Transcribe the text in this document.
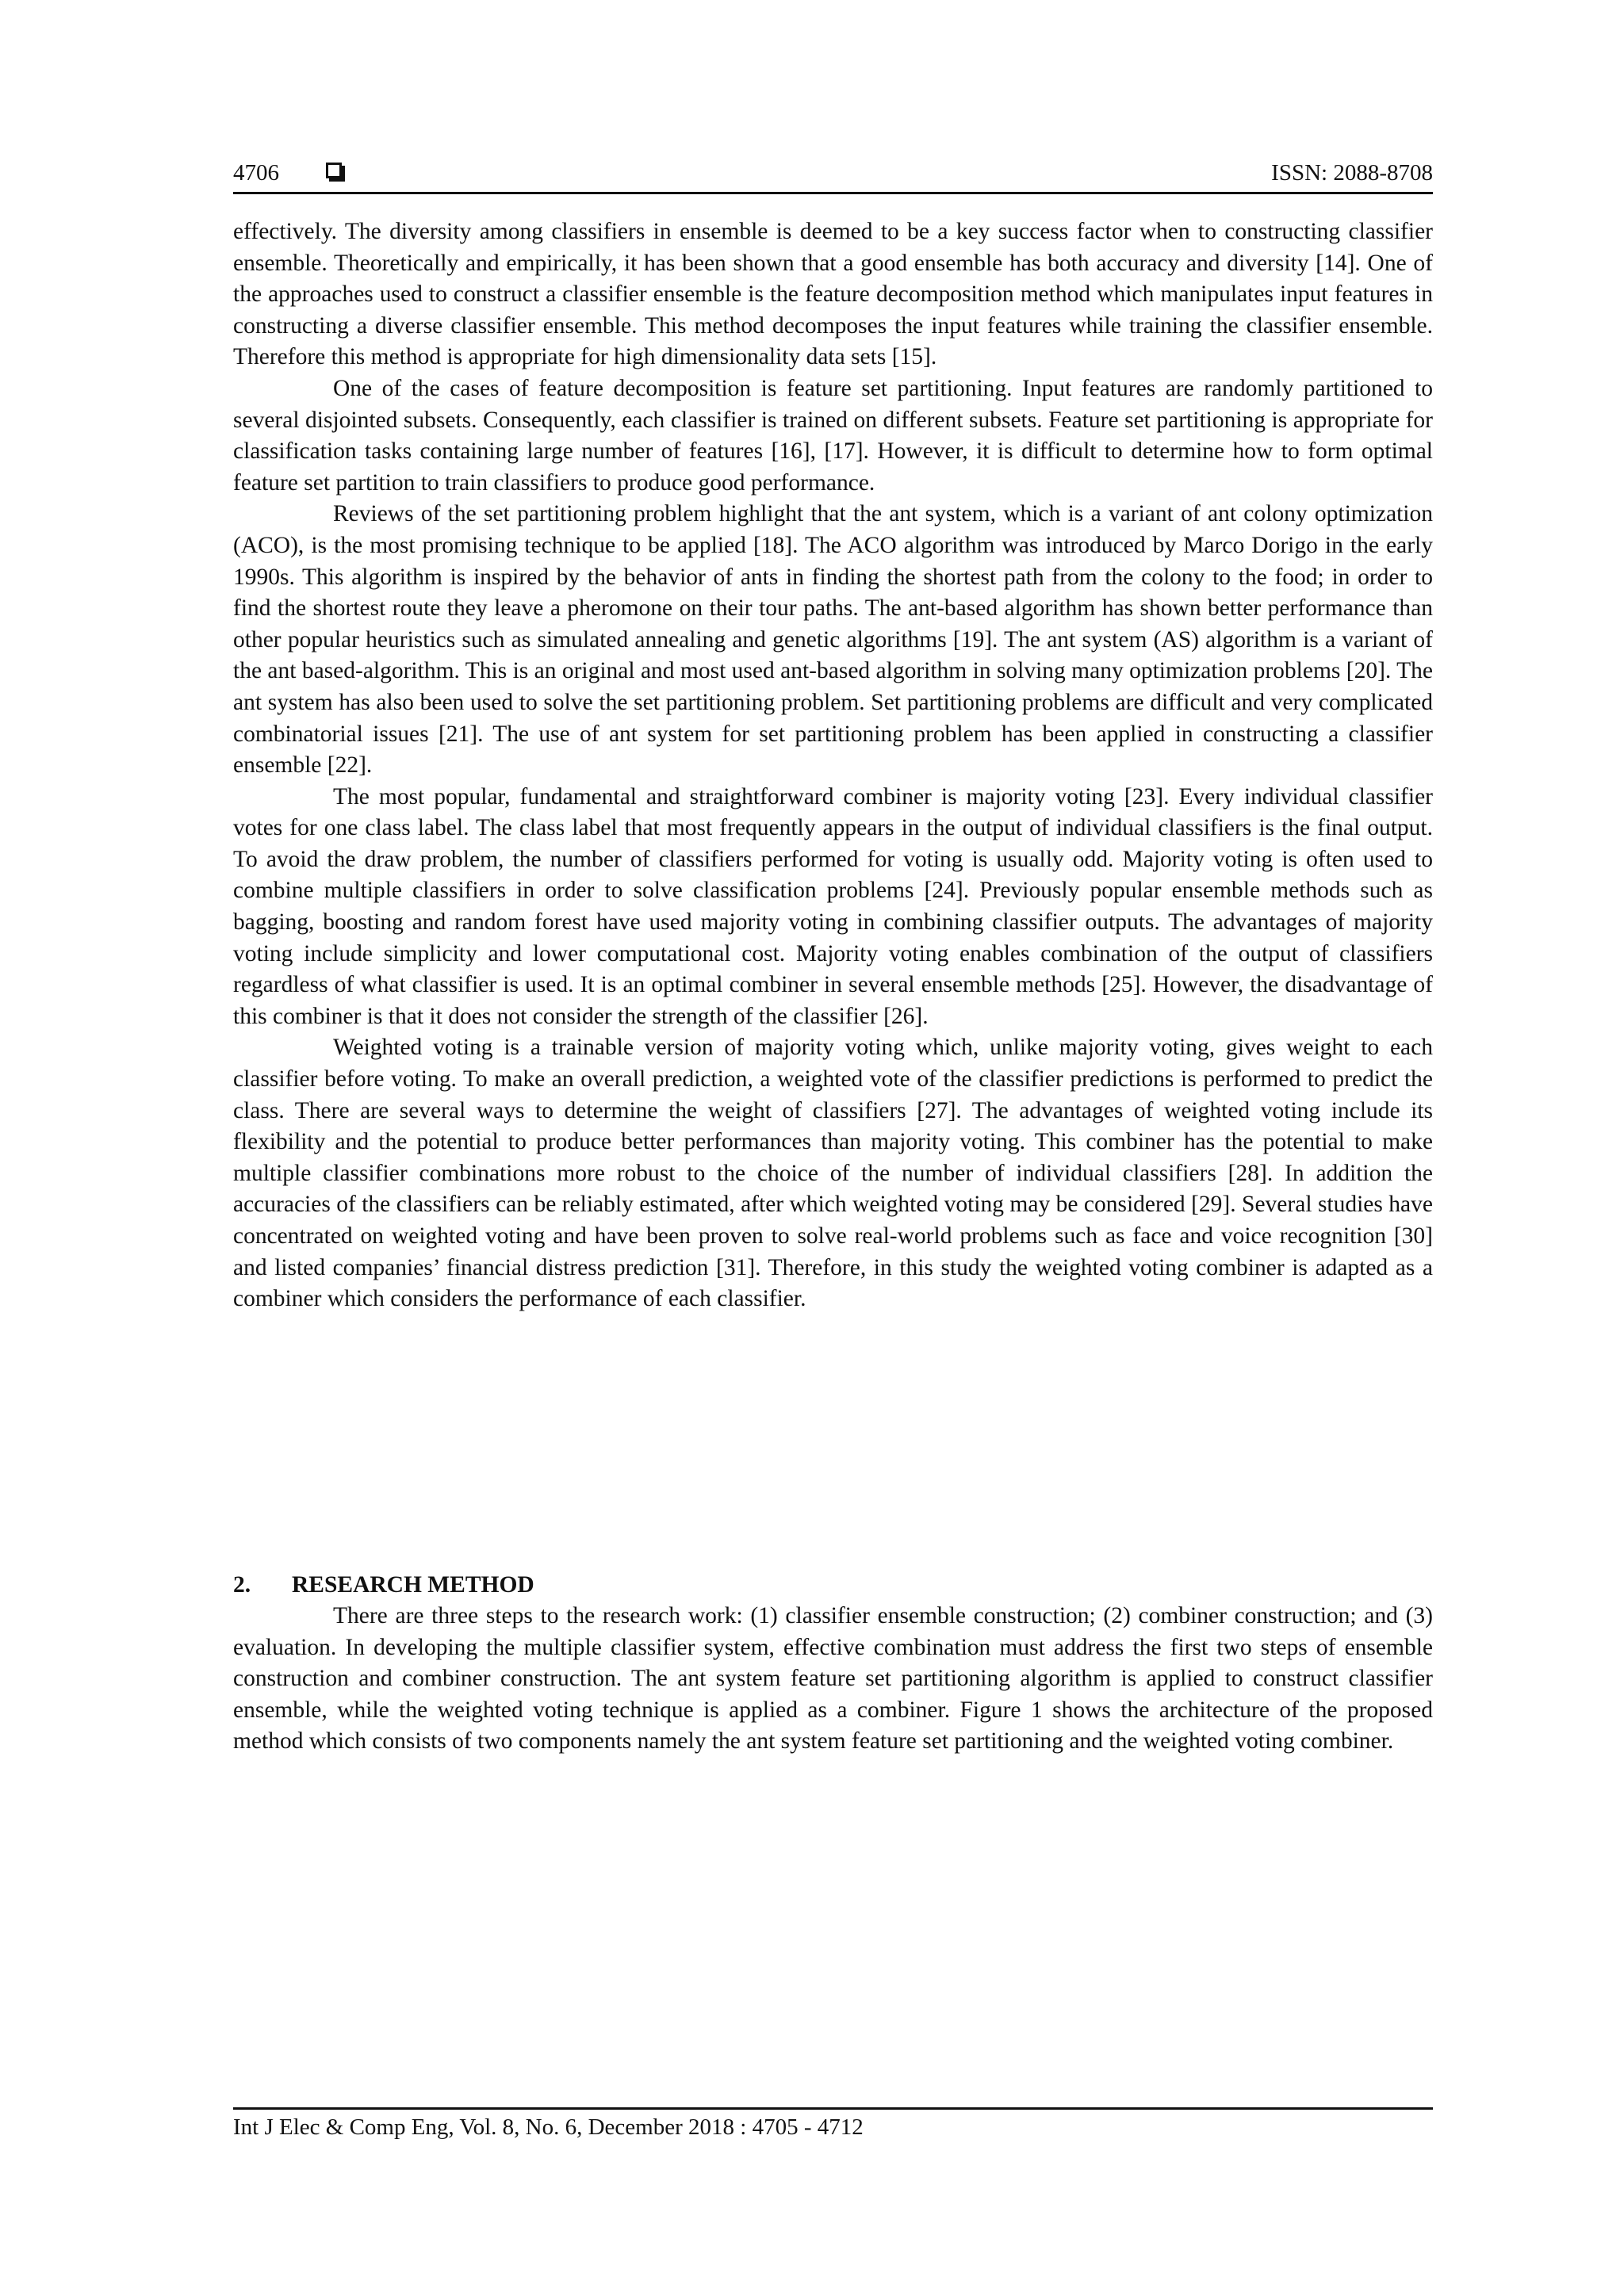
4706	ISSN: 2088-8708

effectively. The diversity among classifiers in ensemble is deemed to be a key success factor when to constructing classifier ensemble. Theoretically and empirically, it has been shown that a good ensemble has both accuracy and diversity [14]. One of the approaches used to construct a classifier ensemble is the feature decomposition method which manipulates input features in constructing a diverse classifier ensemble. This method decomposes the input features while training the classifier ensemble. Therefore this method is appropriate for high dimensionality data sets [15].

One of the cases of feature decomposition is feature set partitioning. Input features are randomly partitioned to several disjointed subsets. Consequently, each classifier is trained on different subsets. Feature set partitioning is appropriate for classification tasks containing large number of features [16], [17]. However, it is difficult to determine how to form optimal feature set partition to train classifiers to produce good performance.

Reviews of the set partitioning problem highlight that the ant system, which is a variant of ant colony optimization (ACO), is the most promising technique to be applied [18]. The ACO algorithm was introduced by Marco Dorigo in the early 1990s. This algorithm is inspired by the behavior of ants in finding the shortest path from the colony to the food; in order to find the shortest route they leave a pheromone on their tour paths. The ant-based algorithm has shown better performance than other popular heuristics such as simulated annealing and genetic algorithms [19]. The ant system (AS) algorithm is a variant of the ant based-algorithm. This is an original and most used ant-based algorithm in solving many optimization problems [20]. The ant system has also been used to solve the set partitioning problem. Set partitioning problems are difficult and very complicated combinatorial issues [21]. The use of ant system for set partitioning problem has been applied in constructing a classifier ensemble [22].

The most popular, fundamental and straightforward combiner is majority voting [23]. Every individual classifier votes for one class label. The class label that most frequently appears in the output of individual classifiers is the final output. To avoid the draw problem, the number of classifiers performed for voting is usually odd. Majority voting is often used to combine multiple classifiers in order to solve classification problems [24]. Previously popular ensemble methods such as bagging, boosting and random forest have used majority voting in combining classifier outputs. The advantages of majority voting include simplicity and lower computational cost. Majority voting enables combination of the output of classifiers regardless of what classifier is used. It is an optimal combiner in several ensemble methods [25]. However, the disadvantage of this combiner is that it does not consider the strength of the classifier [26].

Weighted voting is a trainable version of majority voting which, unlike majority voting, gives weight to each classifier before voting. To make an overall prediction, a weighted vote of the classifier predictions is performed to predict the class. There are several ways to determine the weight of classifiers [27]. The advantages of weighted voting include its flexibility and the potential to produce better performances than majority voting. This combiner has the potential to make multiple classifier combinations more robust to the choice of the number of individual classifiers [28]. In addition the accuracies of the classifiers can be reliably estimated, after which weighted voting may be considered [29]. Several studies have concentrated on weighted voting and have been proven to solve real-world problems such as face and voice recognition [30] and listed companies’ financial distress prediction [31]. Therefore, in this study the weighted voting combiner is adapted as a combiner which considers the performance of each classifier.

2. RESEARCH METHOD

There are three steps to the research work: (1) classifier ensemble construction; (2) combiner construction; and (3) evaluation. In developing the multiple classifier system, effective combination must address the first two steps of ensemble construction and combiner construction. The ant system feature set partitioning algorithm is applied to construct classifier ensemble, while the weighted voting technique is applied as a combiner. Figure 1 shows the architecture of the proposed method which consists of two components namely the ant system feature set partitioning and the weighted voting combiner.

Int J Elec & Comp Eng, Vol. 8, No. 6, December 2018 : 4705 - 4712
